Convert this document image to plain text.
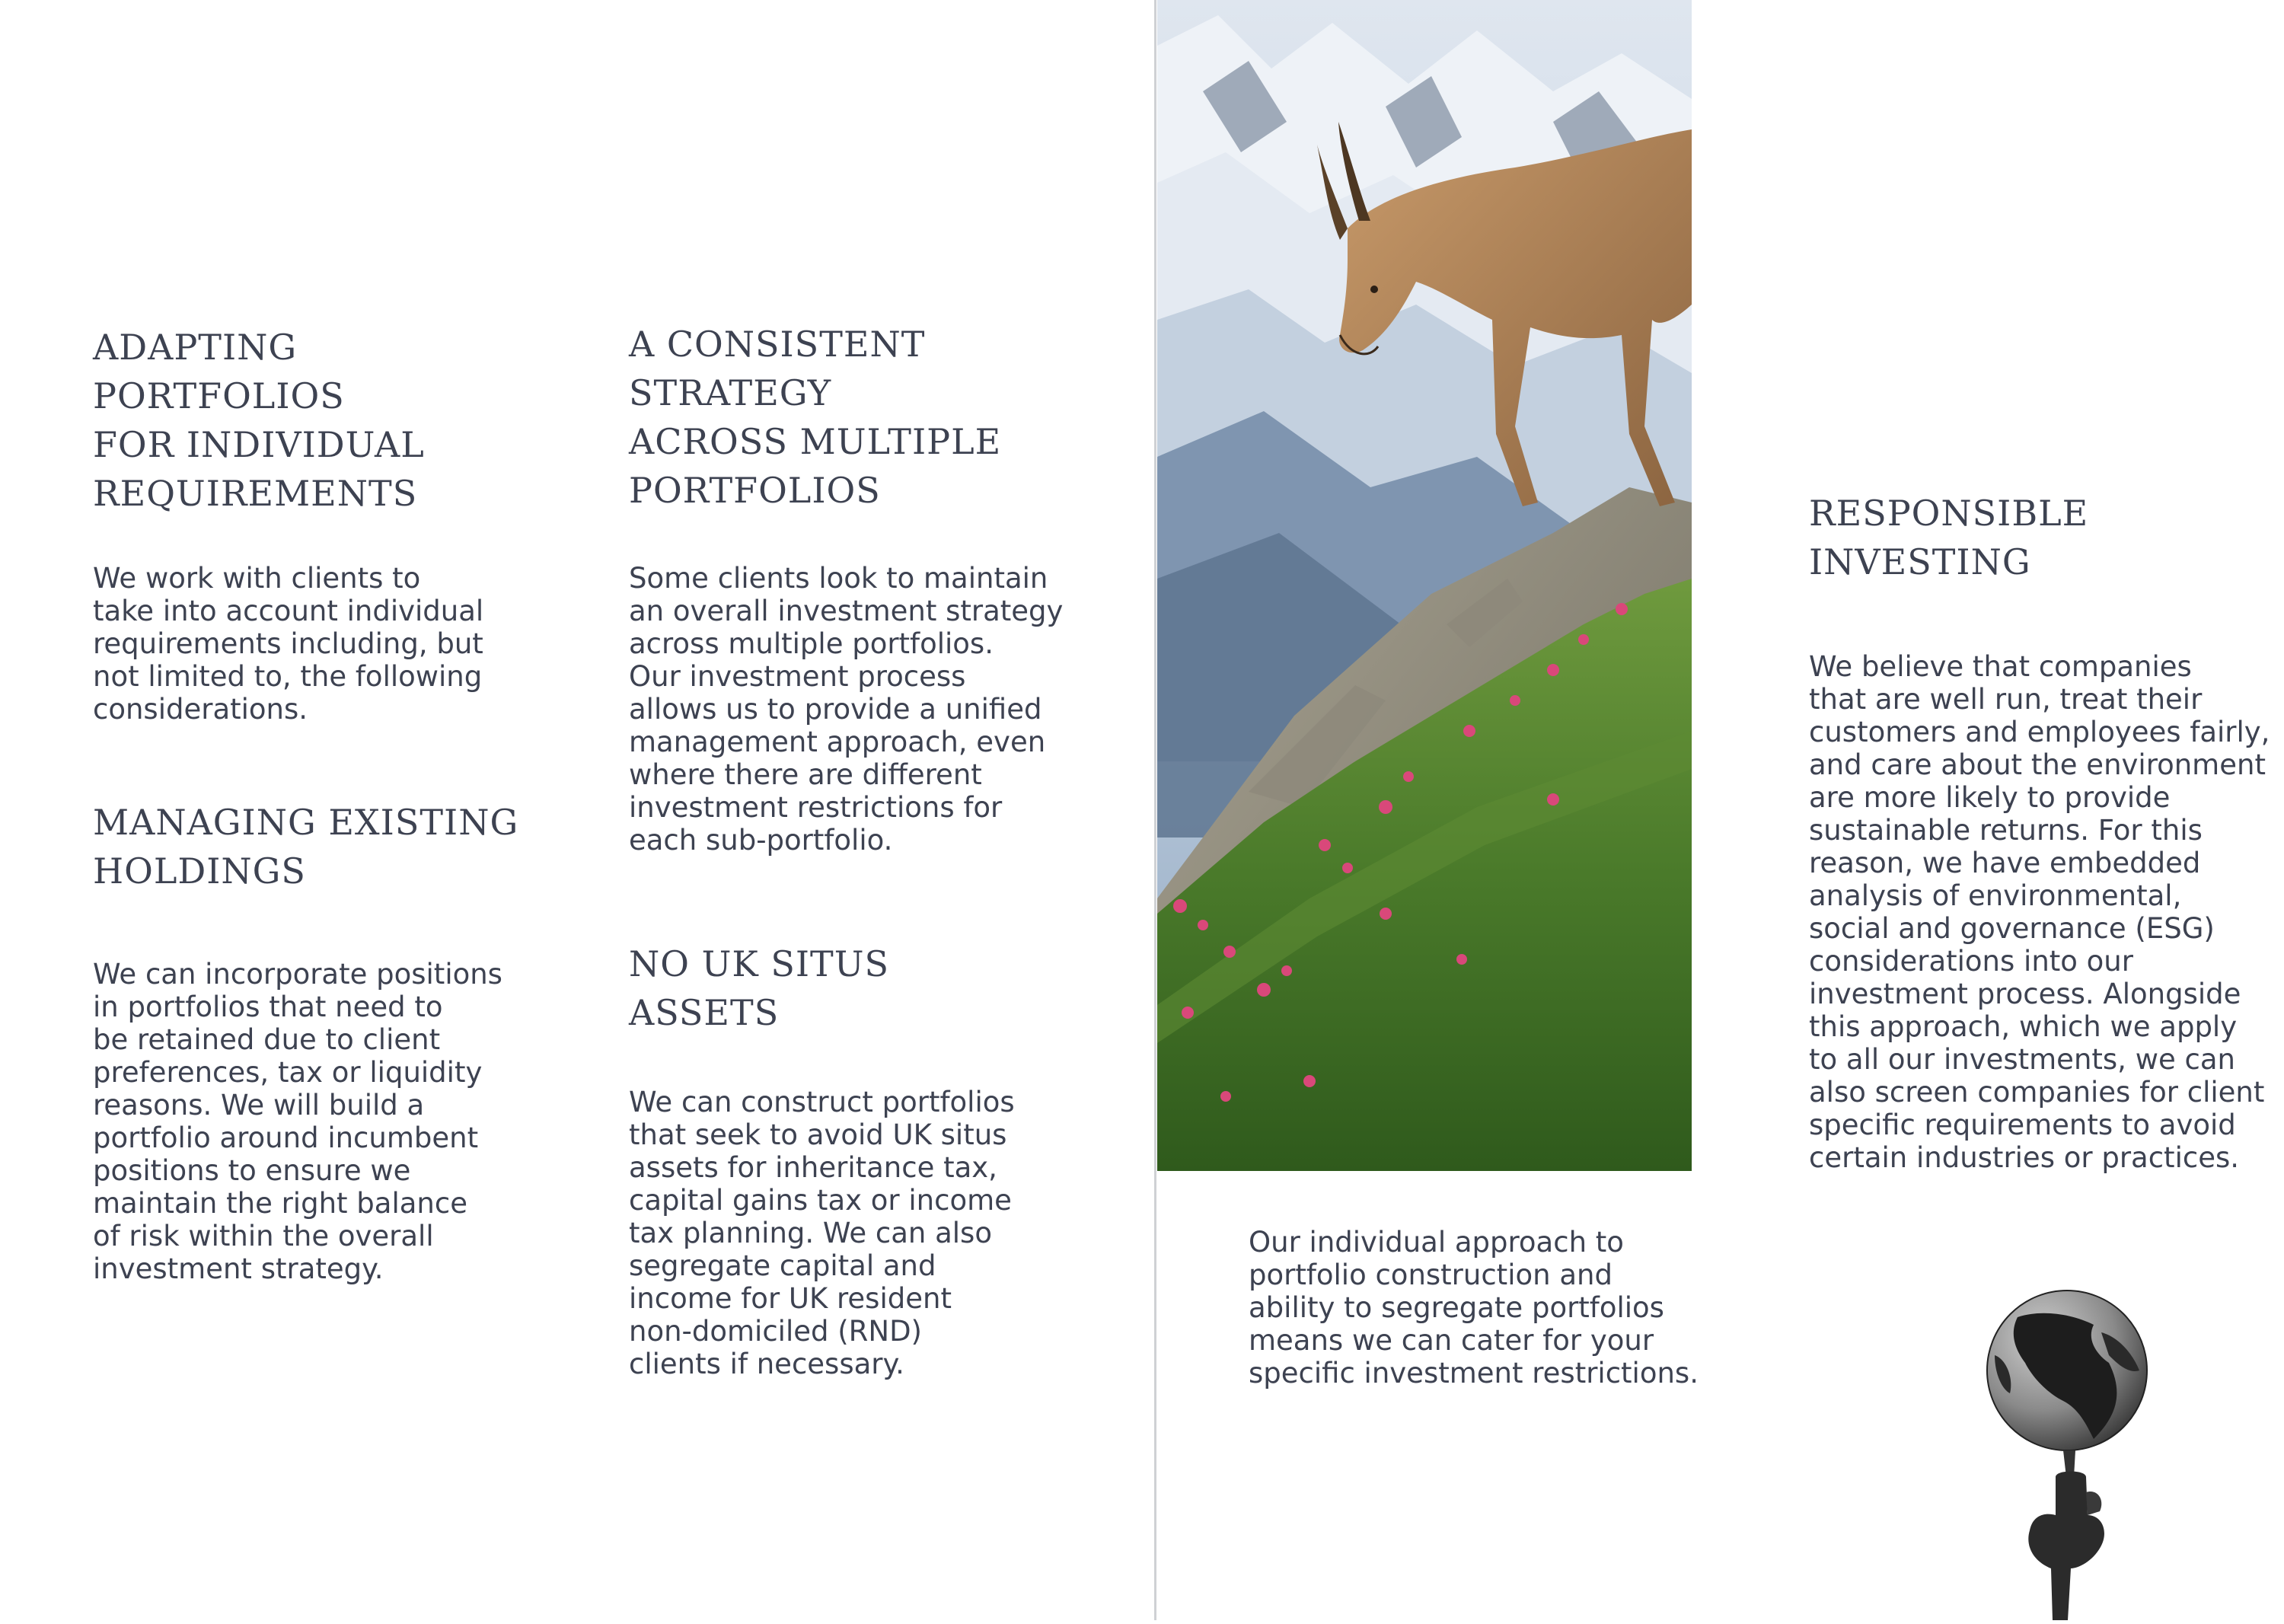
ADAPTING
PORTFOLIOS
FOR INDIVIDUAL
REQUIREMENTS
We work with clients to
take into account individual
requirements including, but
not limited to, the following
considerations.
MANAGING EXISTING
HOLDINGS
We can incorporate positions
in portfolios that need to
be retained due to client
preferences, tax or liquidity
reasons. We will build a
portfolio around incumbent
positions to ensure we
maintain the right balance
of risk within the overall
investment strategy.
A CONSISTENT
STRATEGY
ACROSS MULTIPLE
PORTFOLIOS
Some clients look to maintain
an overall investment strategy
across multiple portfolios.
Our investment process
allows us to provide a unified
management approach, even
where there are different
investment restrictions for
each sub-portfolio.
NO UK SITUS
ASSETS
We can construct portfolios
that seek to avoid UK situs
assets for inheritance tax,
capital gains tax or income
tax planning. We can also
segregate capital and
income for UK resident
non-domiciled (RND)
clients if necessary.
Our individual approach to
portfolio construction and
ability to segregate portfolios
means we can cater for your
specific investment restrictions.
RESPONSIBLE
INVESTING
We believe that companies
that are well run, treat their
customers and employees fairly,
and care about the environment
are more likely to provide
sustainable returns. For this
reason, we have embedded
analysis of environmental,
social and governance (ESG)
considerations into our
investment process. Alongside
this approach, which we apply
to all our investments, we can
also screen companies for client
specific requirements to avoid
certain industries or practices.
